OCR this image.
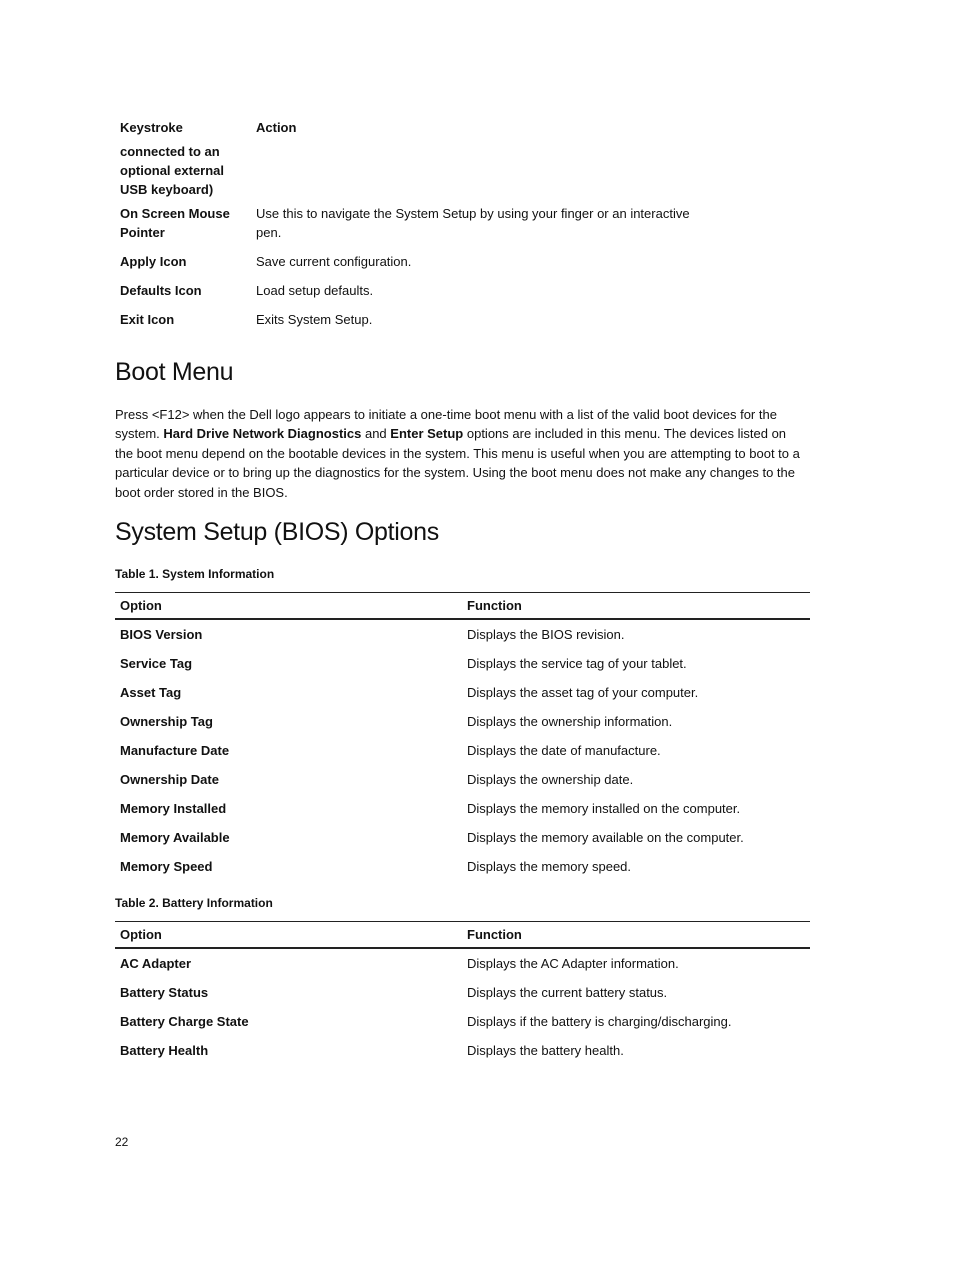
Keystroke	Action
connected to an optional external USB keyboard)	
On Screen Mouse Pointer	Use this to navigate the System Setup by using your finger or an interactive pen.
Apply Icon	Save current configuration.
Defaults Icon	Load setup defaults.
Exit Icon	Exits System Setup.
Boot Menu

Press <F12> when the Dell logo appears to initiate a one-time boot menu with a list of the valid boot devices for the system. Hard Drive Network Diagnostics and Enter Setup options are included in this menu. The devices listed on the boot menu depend on the bootable devices in the system. This menu is useful when you are attempting to boot to a particular device or to bring up the diagnostics for the system. Using the boot menu does not make any changes to the boot order stored in the BIOS.

System Setup (BIOS) Options

Table 1. System Information

Option	Function
BIOS Version	Displays the BIOS revision.
Service Tag	Displays the service tag of your tablet.
Asset Tag	Displays the asset tag of your computer.
Ownership Tag	Displays the ownership information.
Manufacture Date	Displays the date of manufacture.
Ownership Date	Displays the ownership date.
Memory Installed	Displays the memory installed on the computer.
Memory Available	Displays the memory available on the computer.
Memory Speed	Displays the memory speed.

Table 2. Battery Information

Option	Function
AC Adapter	Displays the AC Adapter information.
Battery Status	Displays the current battery status.
Battery Charge State	Displays if the battery is charging/discharging.
Battery Health	Displays the battery health.

22
